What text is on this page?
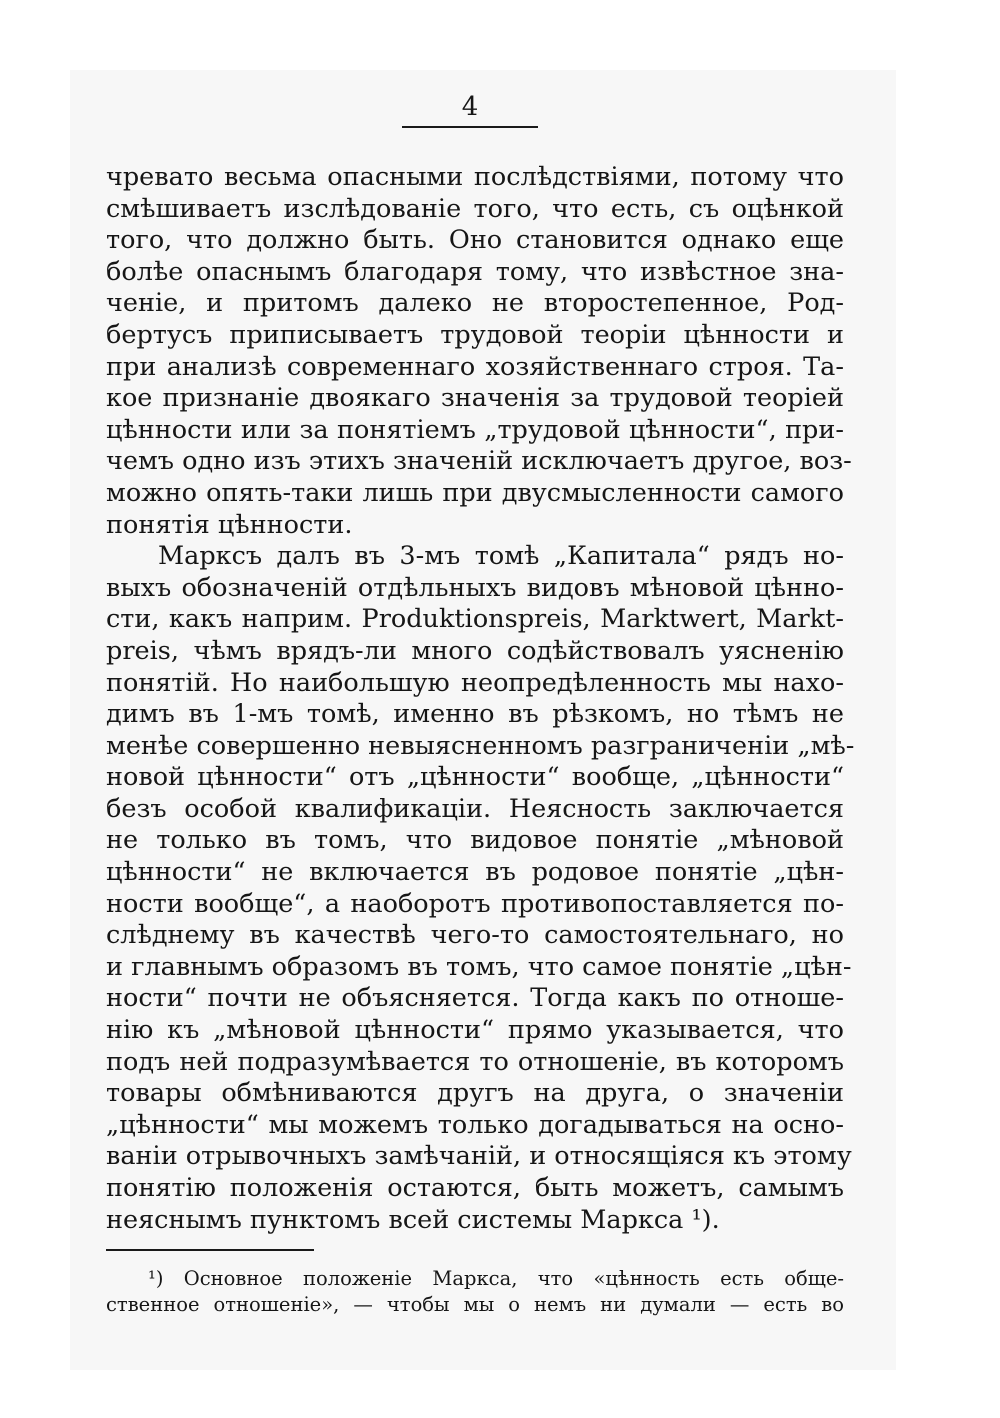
4
чревато весьма опасными послѣдствіями, потому что
смѣшиваетъ изслѣдованіе того, что есть, съ оцѣнкой
того, что должно быть. Оно становится однако еще
болѣе опаснымъ благодаря тому, что извѣстное зна-
ченіе, и притомъ далеко не второстепенное, Род-
бертусъ приписываетъ трудовой теоріи цѣнности и
при анализѣ современнаго хозяйственнаго строя. Та-
кое признаніе двоякаго значенія за трудовой теоріей
цѣнности или за понятіемъ „трудовой цѣнности“, при-
чемъ одно изъ этихъ значеній исключаетъ другое, воз-
можно опять-таки лишь при двусмысленности самого
понятія цѣнности.
Марксъ далъ въ 3-мъ томѣ „Капитала“ рядъ но-
выхъ обозначеній отдѣльныхъ видовъ мѣновой цѣнно-
сти, какъ наприм. Produktionspreis, Marktwert, Markt-
preis, чѣмъ врядъ-ли много содѣйствовалъ уясненію
понятій. Но наибольшую неопредѣленность мы нахо-
димъ въ 1-мъ томѣ, именно въ рѣзкомъ, но тѣмъ не
менѣе совершенно невыясненномъ разграниченіи „мѣ-
новой цѣнности“ отъ „цѣнности“ вообще, „цѣнности“
безъ особой квалификаціи. Неясность заключается
не только въ томъ, что видовое понятіе „мѣновой
цѣнности“ не включается въ родовое понятіе „цѣн-
ности вообще“, а наоборотъ противопоставляется по-
слѣднему въ качествѣ чего-то самостоятельнаго, но
и главнымъ образомъ въ томъ, что самое понятіе „цѣн-
ности“ почти не объясняется. Тогда какъ по отноше-
нію къ „мѣновой цѣнности“ прямо указывается, что
подъ ней подразумѣвается то отношеніе, въ которомъ
товары обмѣниваются другъ на друга, о значеніи
„цѣнности“ мы можемъ только догадываться на осно-
ваніи отрывочныхъ замѣчаній, и относящіяся къ этому
понятію положенія остаются, быть можетъ, самымъ
неяснымъ пунктомъ всей системы Маркса ¹).
¹) Основное положеніе Маркса, что «цѣнность есть обще-
ственное отношеніе», — чтобы мы о немъ ни думали — есть во
